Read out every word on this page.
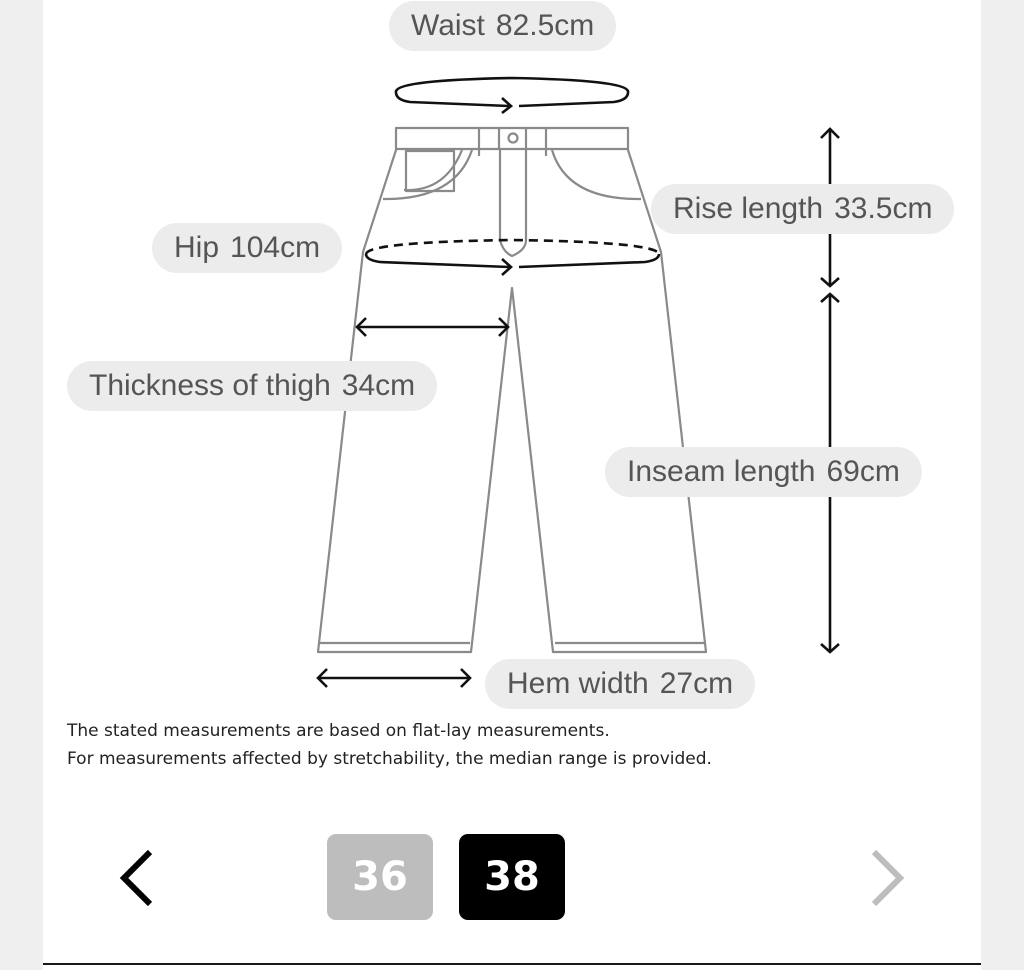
Waist 82.5cm
Rise length 33.5cm
Hip 104cm
Thickness of thigh 34cm
Inseam length 69cm
Hem width 27cm
The stated measurements are based on flat-lay measurements.
For measurements affected by stretchability, the median range is provided.
36	38
